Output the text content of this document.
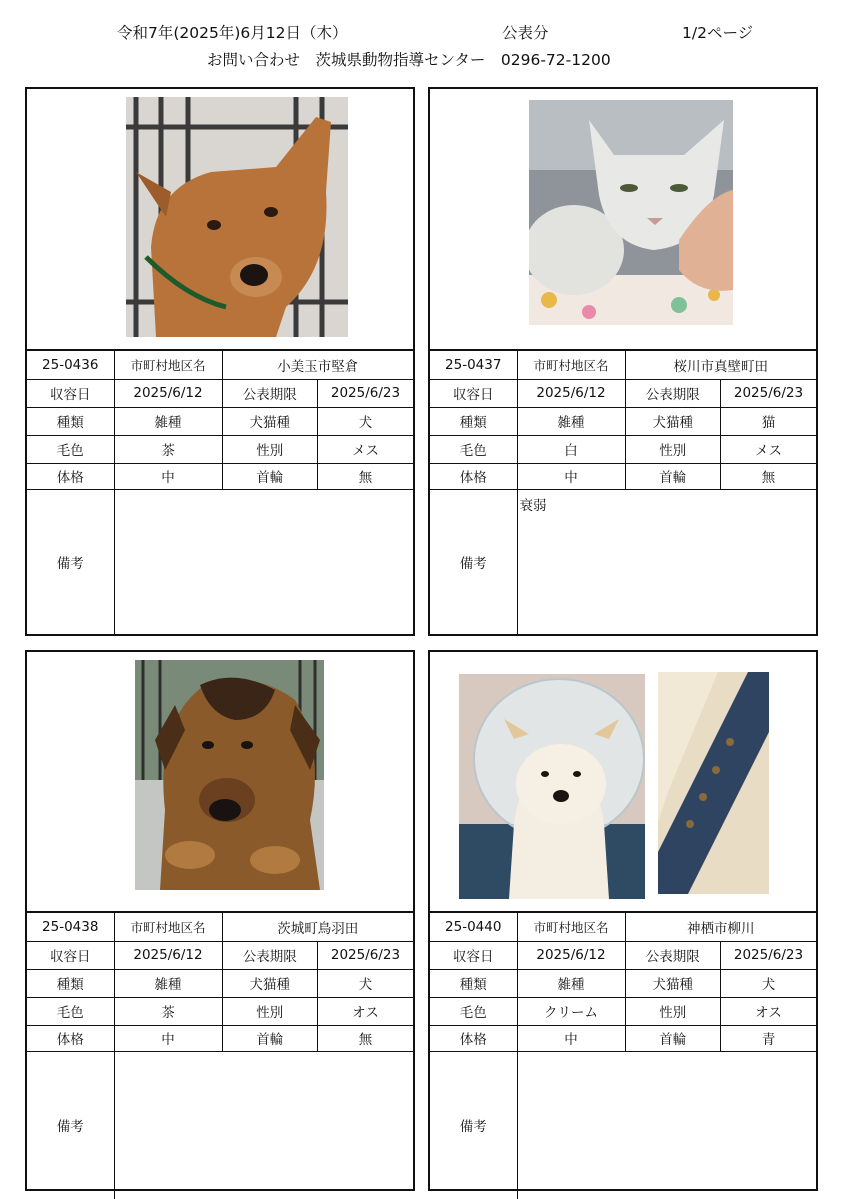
令和7年(2025年)6月12日（木）	公表分	1/2ページ
お問い合わせ　茨城県動物指導センター　0296-72-1200
25-0436	市町村地区名	小美玉市堅倉	
収容日	2025/6/12	公表期限	2025/6/23
種類	雑種	犬猫種	犬
毛色	茶	性別	メス
体格	中	首輪	無
備考			
25-0437	市町村地区名	桜川市真壁町田	
収容日	2025/6/12	公表期限	2025/6/23
種類	雑種	犬猫種	猫
毛色	白	性別	メス
体格	中	首輪	無
備考	衰弱		
25-0438	市町村地区名	茨城町鳥羽田	
収容日	2025/6/12	公表期限	2025/6/23
種類	雑種	犬猫種	犬
毛色	茶	性別	オス
体格	中	首輪	無
備考			
25-0440	市町村地区名	神栖市柳川	
収容日	2025/6/12	公表期限	2025/6/23
種類	雑種	犬猫種	犬
毛色	クリーム	性別	オス
体格	中	首輪	青
備考			
